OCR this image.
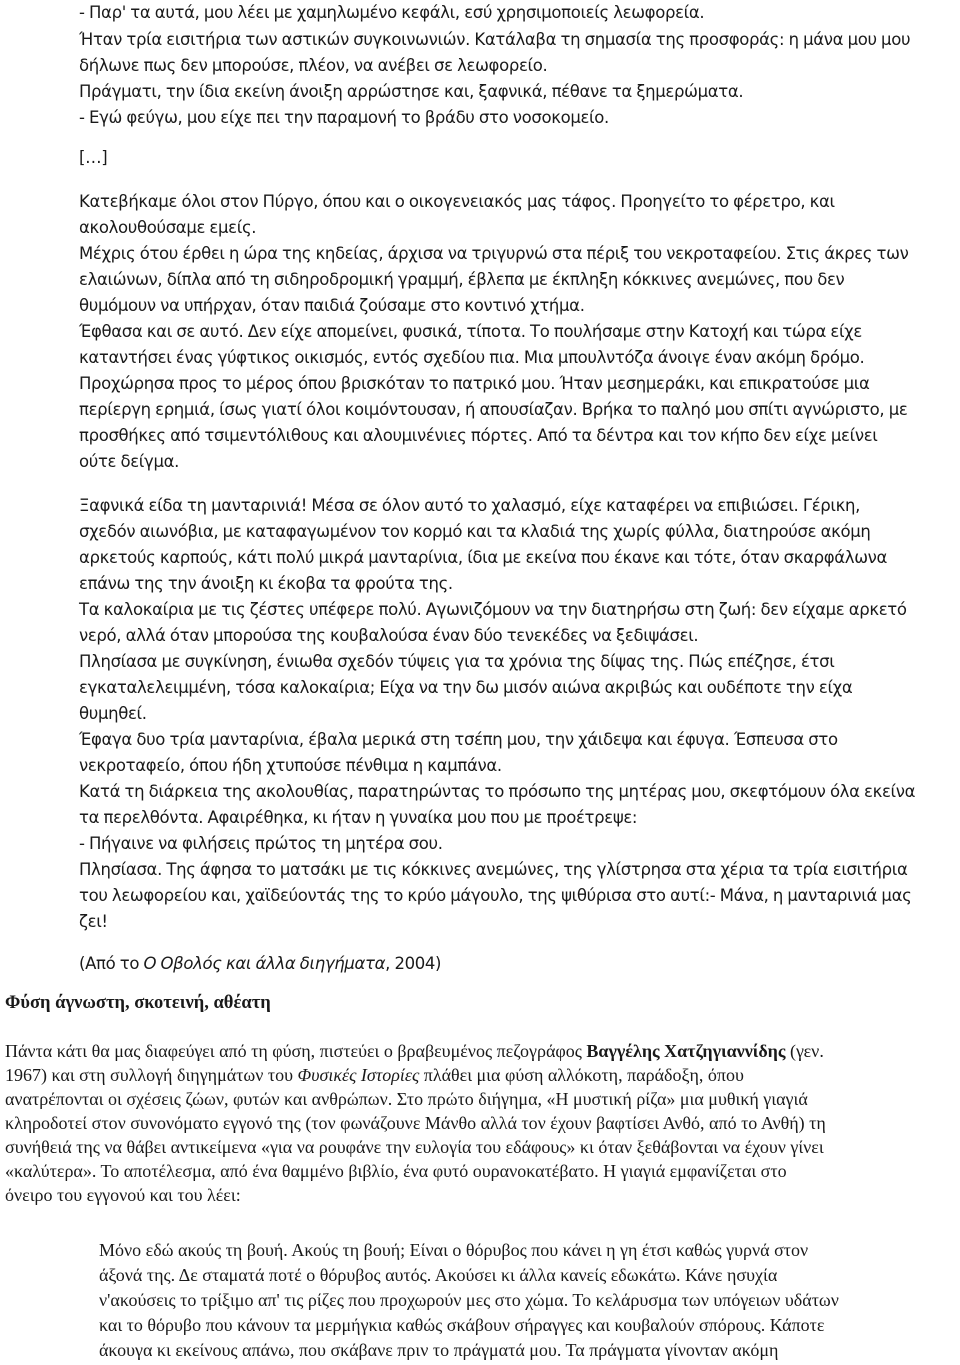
- Παρ' τα αυτά, μου λέει με χαμηλωμένο κεφάλι, εσύ χρησιμοποιείς λεωφορεία.
Ήταν τρία εισιτήρια των αστικών συγκοινωνιών. Κατάλαβα τη σημασία της προσφοράς: η μάνα μου μου
δήλωνε πως δεν μπορούσε, πλέον, να ανέβει σε λεωφορείο.
Πράγματι, την ίδια εκείνη άνοιξη αρρώστησε και, ξαφνικά, πέθανε τα ξημερώματα.
- Εγώ φεύγω, μου είχε πει την παραμονή το βράδυ στο νοσοκομείο.
[…]
Κατεβήκαμε όλοι στον Πύργο, όπου και ο οικογενειακός μας τάφος. Προηγείτο το φέρετρο, και
ακολουθούσαμε εμείς.
Μέχρις ότου έρθει η ώρα της κηδείας, άρχισα να τριγυρνώ στα πέριξ του νεκροταφείου. Στις άκρες των
ελαιώνων, δίπλα από τη σιδηροδρομική γραμμή, έβλεπα με έκπληξη κόκκινες ανεμώνες, που δεν
θυμόμουν να υπήρχαν, όταν παιδιά ζούσαμε στο κοντινό χτήμα.
Έφθασα και σε αυτό. Δεν είχε απομείνει, φυσικά, τίποτα. Το πουλήσαμε στην Κατοχή και τώρα είχε
καταντήσει ένας γύφτικος οικισμός, εντός σχεδίου πια. Μια μπουλντόζα άνοιγε έναν ακόμη δρόμο.
Προχώρησα προς το μέρος όπου βρισκόταν το πατρικό μου. Ήταν μεσημεράκι, και επικρατούσε μια
περίεργη ερημιά, ίσως γιατί όλοι κοιμόντουσαν, ή απουσίαζαν. Βρήκα το παληό μου σπίτι αγνώριστο, με
προσθήκες από τσιμεντόλιθους και αλουμινένιες πόρτες. Από τα δέντρα και τον κήπο δεν είχε μείνει
ούτε δείγμα.
Ξαφνικά είδα τη μανταρινιά! Μέσα σε όλον αυτό το χαλασμό, είχε καταφέρει να επιβιώσει. Γέρικη,
σχεδόν αιωνόβια, με καταφαγωμένον τον κορμό και τα κλαδιά της χωρίς φύλλα, διατηρούσε ακόμη
αρκετούς καρπούς, κάτι πολύ μικρά μανταρίνια, ίδια με εκείνα που έκανε και τότε, όταν σκαρφάλωνα
επάνω της την άνοιξη κι έκοβα τα φρούτα της.
Τα καλοκαίρια με τις ζέστες υπέφερε πολύ. Αγωνιζόμουν να την διατηρήσω στη ζωή: δεν είχαμε αρκετό
νερό, αλλά όταν μπορούσα της κουβαλούσα έναν δύο τενεκέδες να ξεδιψάσει.
Πλησίασα με συγκίνηση, ένιωθα σχεδόν τύψεις για τα χρόνια της δίψας της. Πώς επέζησε, έτσι
εγκαταλελειμμένη, τόσα καλοκαίρια; Είχα να την δω μισόν αιώνα ακριβώς και ουδέποτε την είχα
θυμηθεί.
Έφαγα δυο τρία μανταρίνια, έβαλα μερικά στη τσέπη μου, την χάιδεψα και έφυγα. Έσπευσα στο
νεκροταφείο, όπου ήδη χτυπούσε πένθιμα η καμπάνα.
Κατά τη διάρκεια της ακολουθίας, παρατηρώντας το πρόσωπο της μητέρας μου, σκεφτόμουν όλα εκείνα
τα περελθόντα. Αφαιρέθηκα, κι ήταν η γυναίκα μου που με προέτρεψε:
- Πήγαινε να φιλήσεις πρώτος τη μητέρα σου.
Πλησίασα. Της άφησα το ματσάκι με τις κόκκινες ανεμώνες, της γλίστρησα στα χέρια τα τρία εισιτήρια
του λεωφορείου και, χαϊδεύοντάς της το κρύο μάγουλο, της ψιθύρισα στο αυτί:- Μάνα, η μανταρινιά μας
ζει!
(Από το Ο Οβολός και άλλα διηγήματα, 2004)
Φύση άγνωστη, σκοτεινή, αθέατη
Πάντα κάτι θα μας διαφεύγει από τη φύση, πιστεύει ο βραβευμένος πεζογράφος Βαγγέλης Χατζηγιαννίδης (γεν.
1967) και στη συλλογή διηγημάτων του Φυσικές Ιστορίες πλάθει μια φύση αλλόκοτη, παράδοξη, όπου
ανατρέπονται οι σχέσεις ζώων, φυτών και ανθρώπων. Στο πρώτο διήγημα, «Η μυστική ρίζα» μια μυθική γιαγιά
κληροδοτεί στον συνονόματο εγγονό της (τον φωνάζουνε Μάνθο αλλά τον έχουν βαφτίσει Ανθό, από το Ανθή) τη
συνήθειά της να θάβει αντικείμενα «για να ρουφάνε την ευλογία του εδάφους» κι όταν ξεθάβονται να έχουν γίνει
«καλύτερα». Το αποτέλεσμα, από ένα θαμμένο βιβλίο, ένα φυτό ουρανοκατέβατο. Η γιαγιά εμφανίζεται στο
όνειρο του εγγονού και του λέει:
Μόνο εδώ ακούς τη βουή. Ακούς τη βουή; Είναι ο θόρυβος που κάνει η γη έτσι καθώς γυρνά στον
άξονά της. Δε σταματά ποτέ ο θόρυβος αυτός. Ακούσει κι άλλα κανείς εδωκάτω. Κάνε ησυχία
ν'ακούσεις το τρίξιμο απ' τις ρίζες που προχωρούν μες στο χώμα. Το κελάρυσμα των υπόγειων υδάτων
και το θόρυβο που κάνουν τα μερμήγκια καθώς σκάβουν σήραγγες και κουβαλούν σπόρους. Κάποτε
άκουγα κι εκείνους απάνω, που σκάβανε πριν το πράγματά μου. Τα πράγματα γίνονταν ακόμη
